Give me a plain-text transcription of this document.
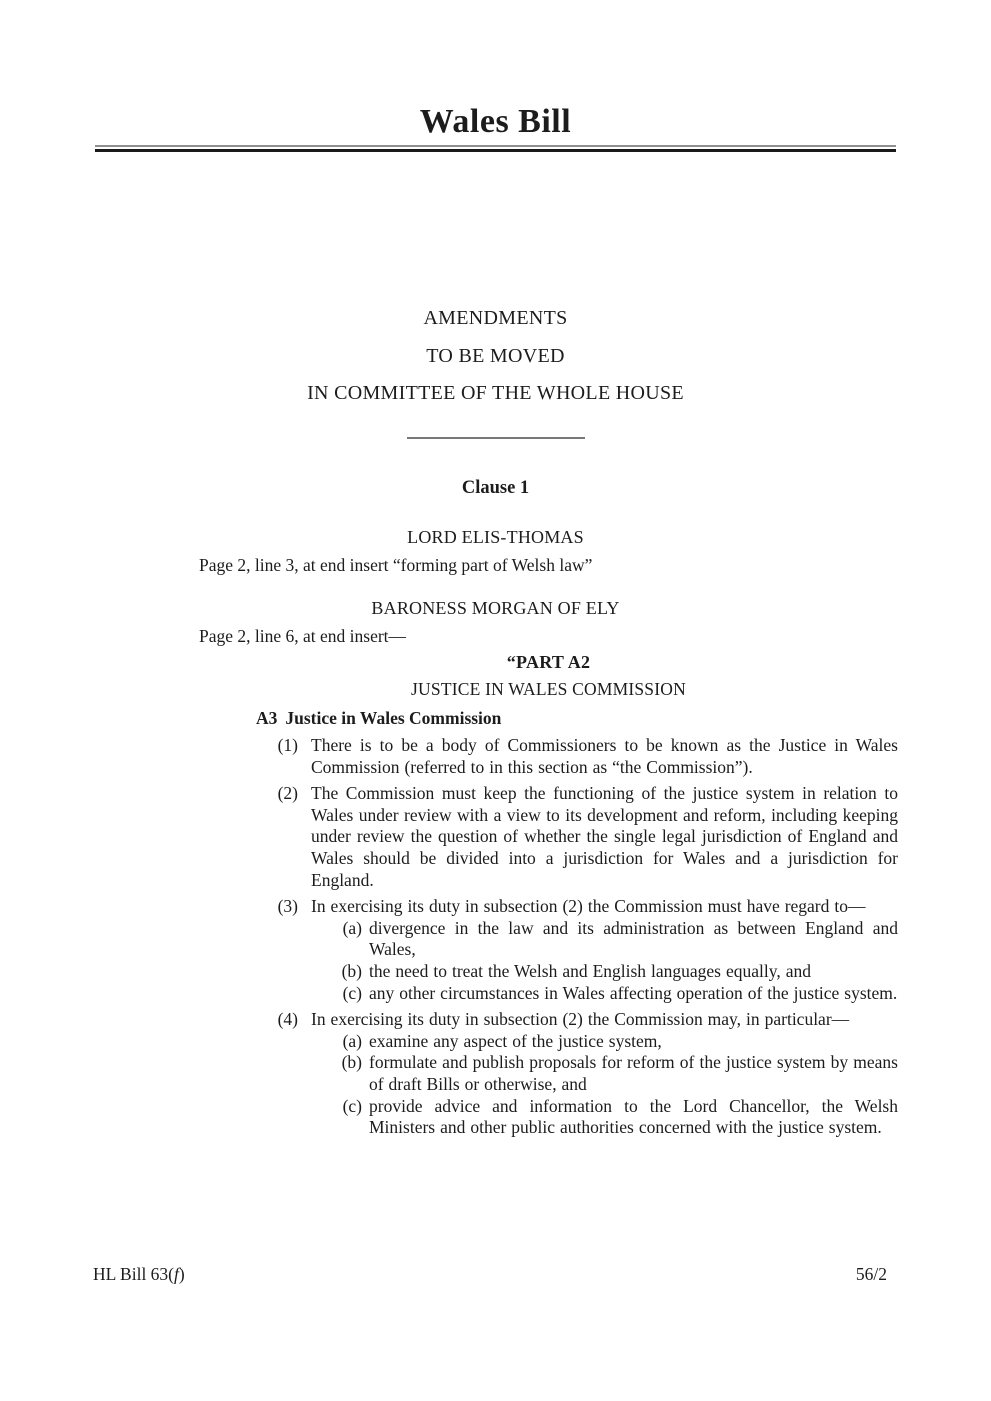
Wales Bill
AMENDMENTS
TO BE MOVED
IN COMMITTEE OF THE WHOLE HOUSE
Clause 1
LORD ELIS-THOMAS
Page 2, line 3, at end insert “forming part of Welsh law”
BARONESS MORGAN OF ELY
Page 2, line 6, at end insert—
“PART A2
JUSTICE IN WALES COMMISSION
A3 Justice in Wales Commission
(1) There is to be a body of Commissioners to be known as the Justice in Wales Commission (referred to in this section as “the Commission”).
(2) The Commission must keep the functioning of the justice system in relation to Wales under review with a view to its development and reform, including keeping under review the question of whether the single legal jurisdiction of England and Wales should be divided into a jurisdiction for Wales and a jurisdiction for England.
(3) In exercising its duty in subsection (2) the Commission must have regard to—
(a) divergence in the law and its administration as between England and Wales,
(b) the need to treat the Welsh and English languages equally, and
(c) any other circumstances in Wales affecting operation of the justice system.
(4) In exercising its duty in subsection (2) the Commission may, in particular—
(a) examine any aspect of the justice system,
(b) formulate and publish proposals for reform of the justice system by means of draft Bills or otherwise, and
(c) provide advice and information to the Lord Chancellor, the Welsh Ministers and other public authorities concerned with the justice system.
HL Bill 63(f)	56/2
